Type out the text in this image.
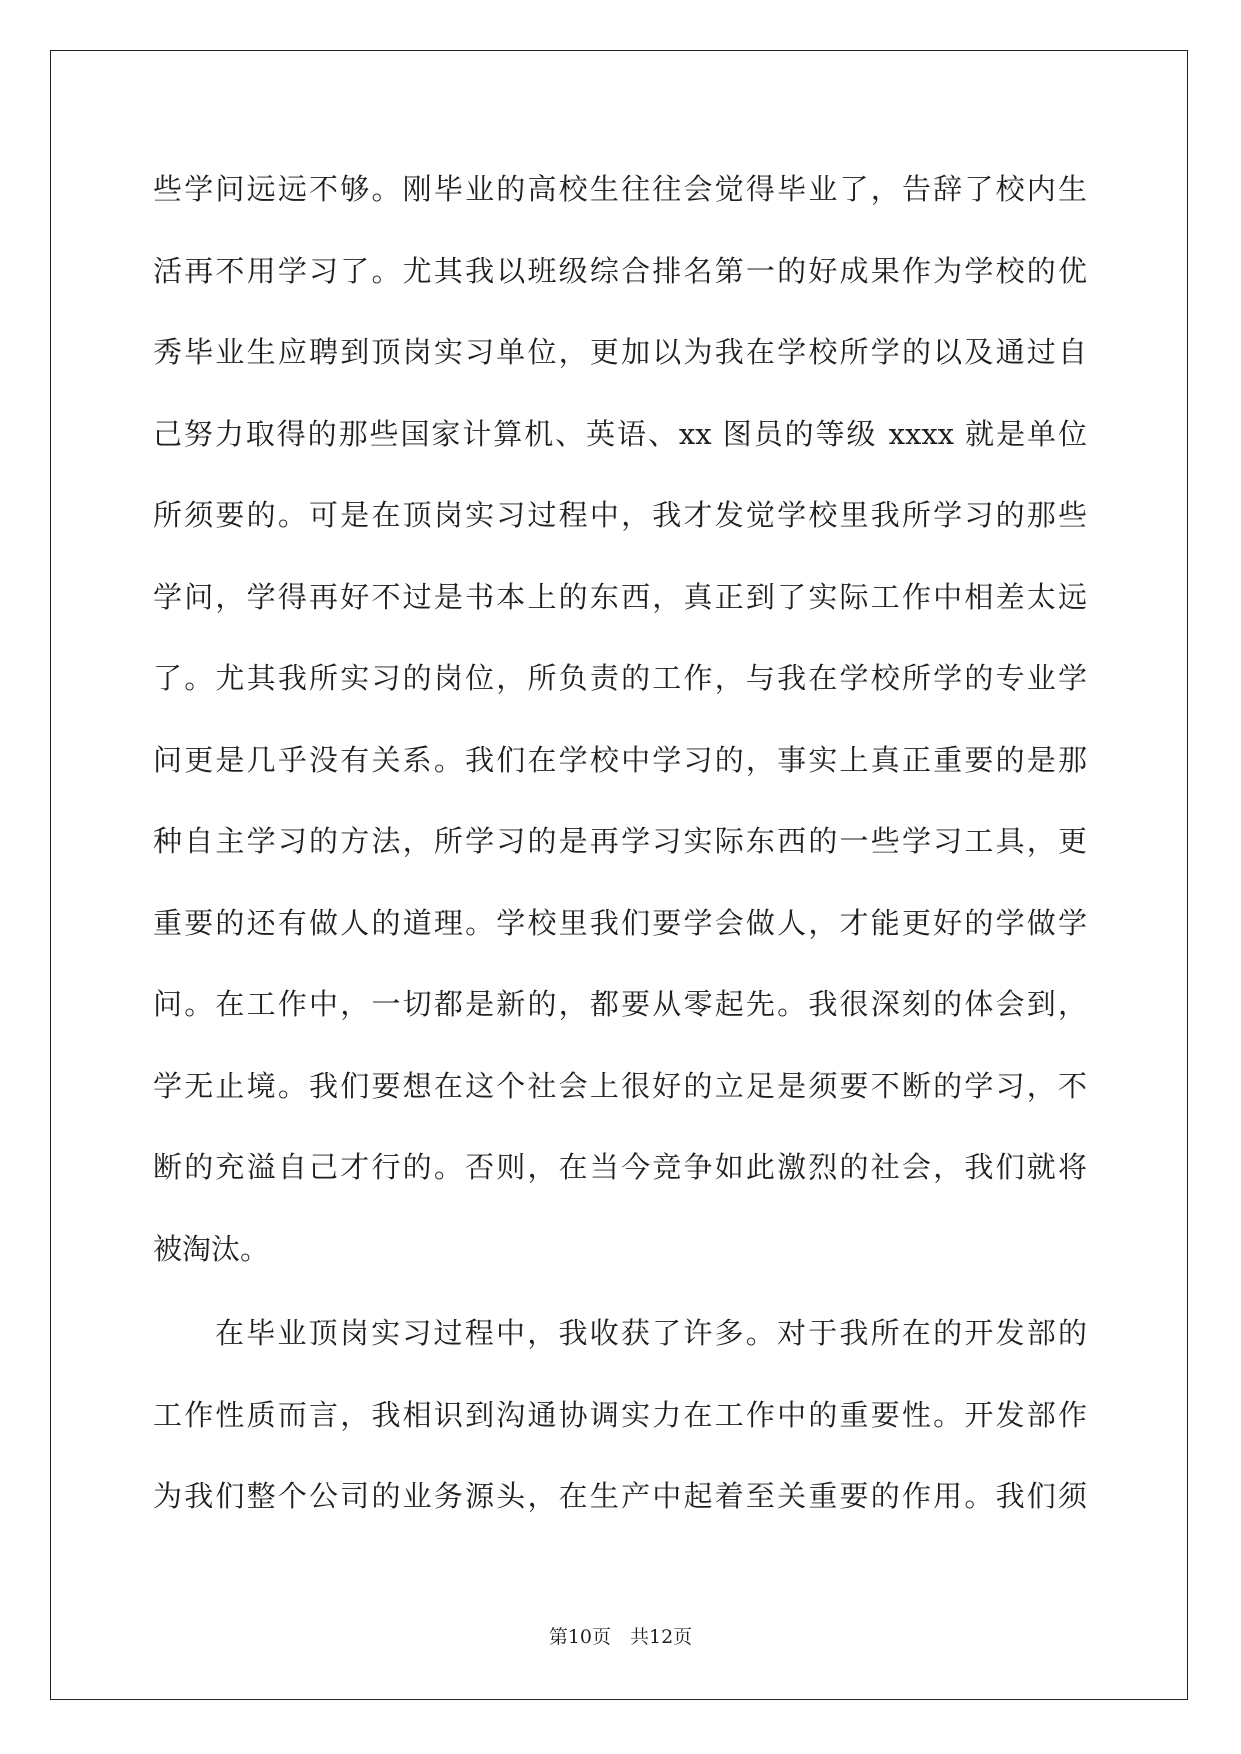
些学问远远不够。刚毕业的高校生往往会觉得毕业了，告辞了校内生
活再不用学习了。尤其我以班级综合排名第一的好成果作为学校的优
秀毕业生应聘到顶岗实习单位，更加以为我在学校所学的以及通过自
己努力取得的那些国家计算机、英语、xx 图员的等级 xxxx 就是单位
所须要的。可是在顶岗实习过程中，我才发觉学校里我所学习的那些
学问，学得再好不过是书本上的东西，真正到了实际工作中相差太远
了。尤其我所实习的岗位，所负责的工作，与我在学校所学的专业学
问更是几乎没有关系。我们在学校中学习的，事实上真正重要的是那
种自主学习的方法，所学习的是再学习实际东西的一些学习工具，更
重要的还有做人的道理。学校里我们要学会做人，才能更好的学做学
问。在工作中，一切都是新的，都要从零起先。我很深刻的体会到，
学无止境。我们要想在这个社会上很好的立足是须要不断的学习，不
断的充溢自己才行的。否则，在当今竞争如此激烈的社会，我们就将
被淘汰。
在毕业顶岗实习过程中，我收获了许多。对于我所在的开发部的
工作性质而言，我相识到沟通协调实力在工作中的重要性。开发部作
为我们整个公司的业务源头，在生产中起着至关重要的作用。我们须
第10页　共12页
